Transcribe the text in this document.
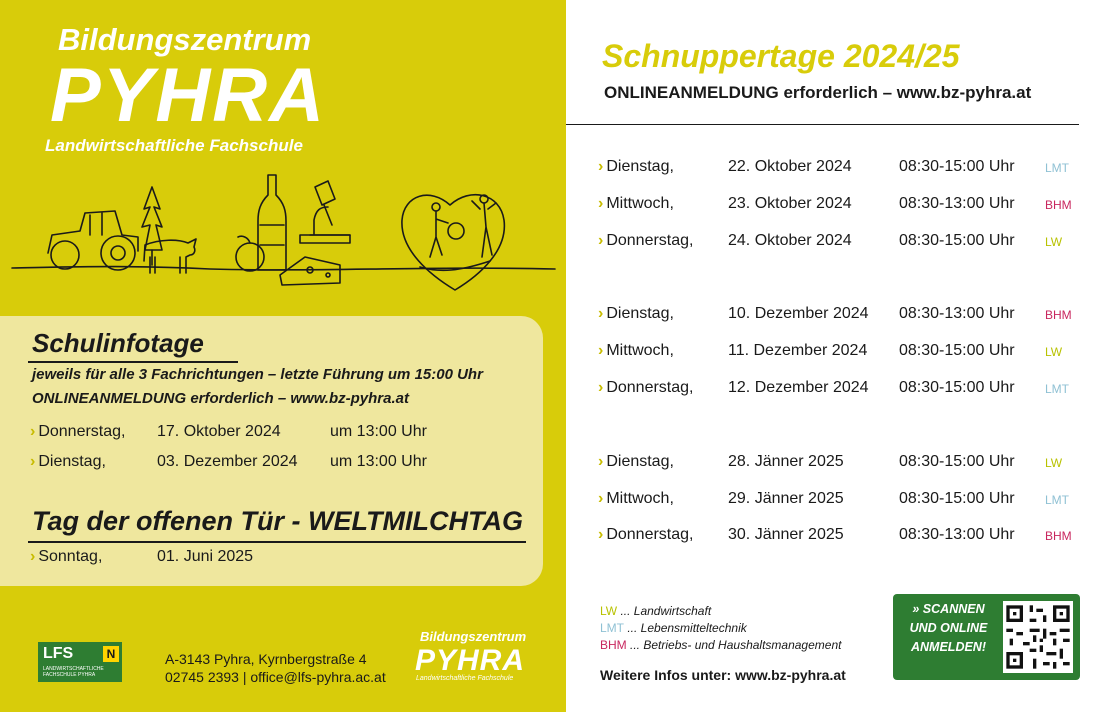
Bildungszentrum
PYHRA
Landwirtschaftliche Fachschule
Schulinfotage
jeweils für alle 3 Fachrichtungen – letzte Führung um 15:00 Uhr
ONLINEANMELDUNG erforderlich – www.bz-pyhra.at
› Donnerstag, 17. Oktober 2024	um 13:00 Uhr
› Dienstag,	03. Dezember 2024 um 13:00 Uhr
Tag der offenen Tür - WELTMILCHTAG
› Sonntag,	01. Juni 2025
LFS
LANDWIRTSCHAFTLICHE FACHSCHULE PYHRA
N	A-3143 Pyhra, Kyrnbergstraße 4
02745 2393 | office@lfs-pyhra.ac.at
Bildungszentrum
PYHRA
Landwirtschaftliche Fachschule
Schnuppertage 2024/25
ONLINEANMELDUNG erforderlich – www.bz-pyhra.at
› Dienstag,	22. Oktober 2024	08:30-15:00 Uhr	LMT
› Mittwoch,	23. Oktober 2024	08:30-13:00 Uhr	BHM
› Donnerstag, 24. Oktober 2024	08:30-15:00 Uhr	LW
› Dienstag,	10. Dezember 2024 08:30-13:00 Uhr	BHM
› Mittwoch,	11. Dezember 2024 08:30-15:00 Uhr	LW
› Donnerstag, 12. Dezember 2024 08:30-15:00 Uhr	LMT
› Dienstag,	28. Jänner 2025	08:30-15:00 Uhr	LW
› Mittwoch,	29. Jänner 2025	08:30-15:00 Uhr	LMT
› Donnerstag, 30. Jänner 2025	08:30-13:00 Uhr	BHM
LW ... Landwirtschaft
LMT ... Lebensmitteltechnik
BHM ... Betriebs- und Haushaltsmanagement
Weitere Infos unter: www.bz-pyhra.at
» SCANNEN UND ONLINE ANMELDEN!
